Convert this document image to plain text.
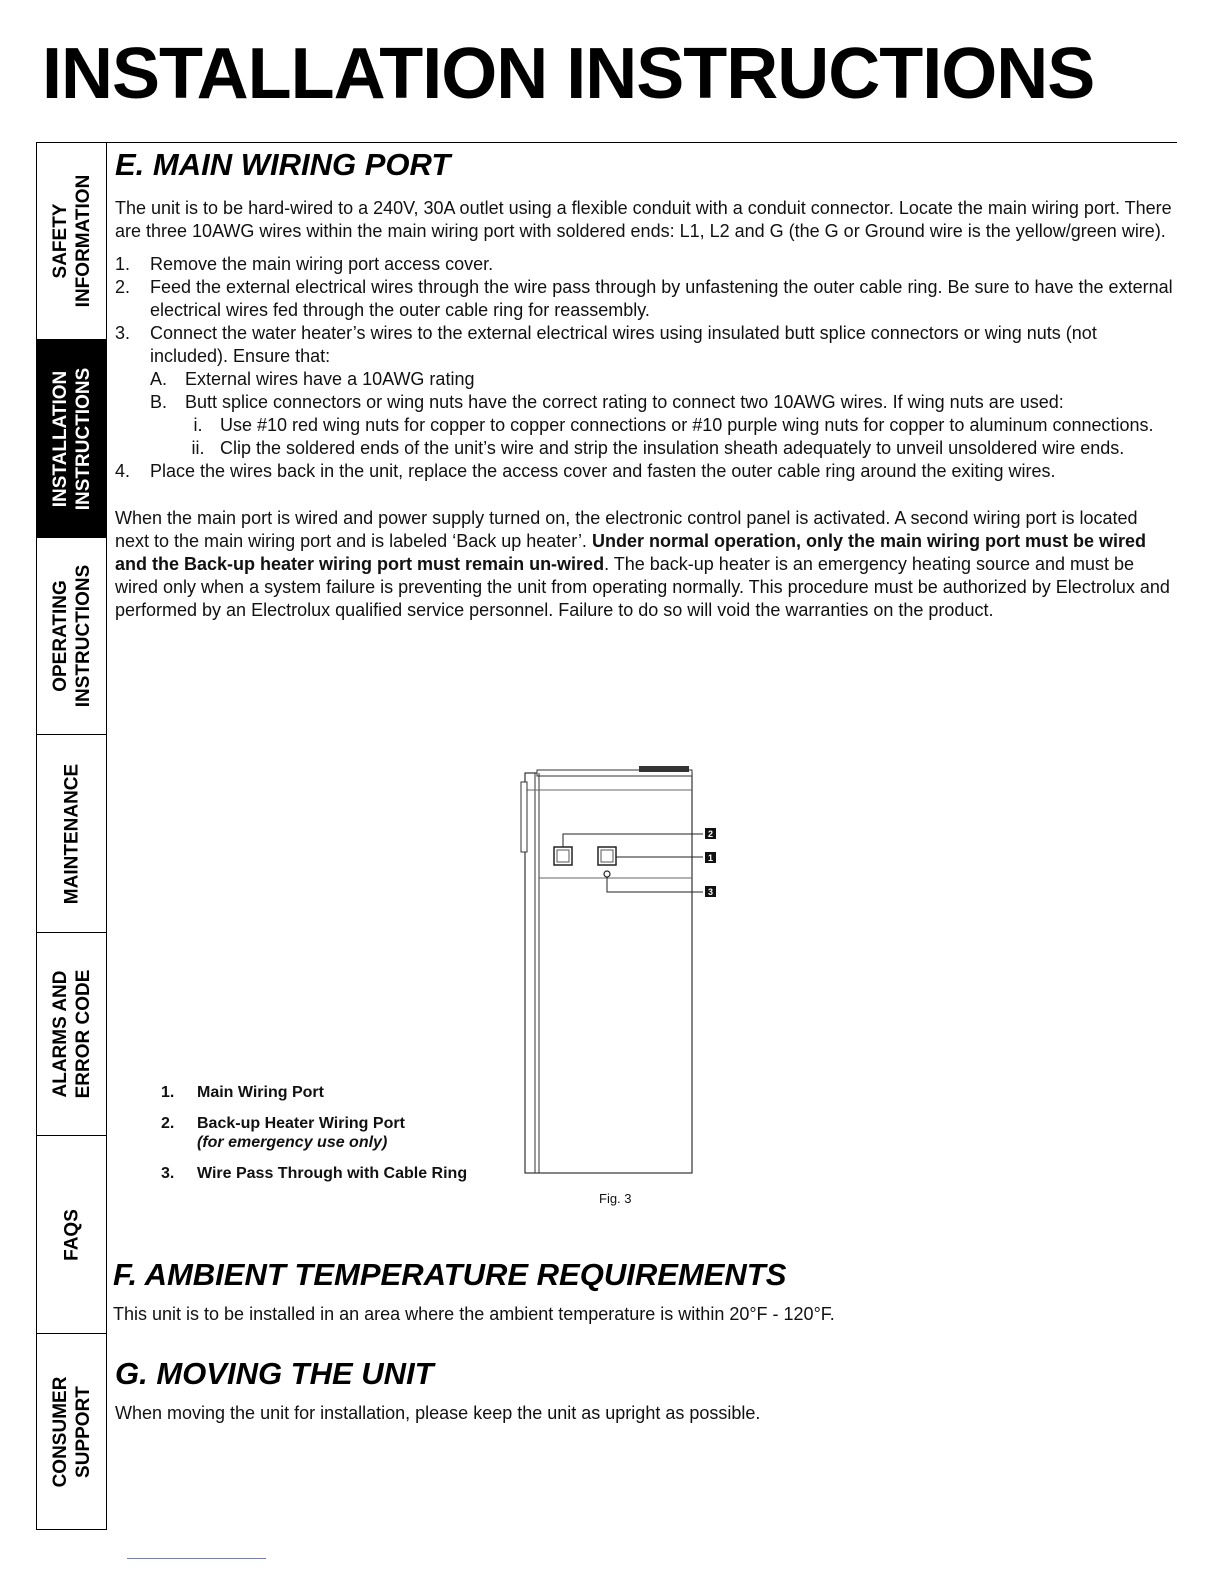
INSTALLATION INSTRUCTIONS
SAFETY
INFORMATION
INSTALLATION
INSTRUCTIONS
OPERATING
INSTRUCTIONS
MAINTENANCE
ALARMS AND
ERROR CODE
FAQS
CONSUMER
SUPPORT
E. MAIN WIRING PORT

The unit is to be hard-wired to a 240V, 30A outlet using a flexible conduit with a conduit connector. Locate the main wiring port. There are three 10AWG wires within the main wiring port with soldered ends: L1, L2 and G (the G or Ground wire is the yellow/green wire).

1. Remove the main wiring port access cover.
2. Feed the external electrical wires through the wire pass through by unfastening the outer cable ring. Be sure to have the external electrical wires fed through the outer cable ring for reassembly.
3. Connect the water heater’s wires to the external electrical wires using insulated butt splice connectors or wing nuts (not included). Ensure that:
A. External wires have a 10AWG rating
B. Butt splice connectors or wing nuts have the correct rating to connect two 10AWG wires. If wing nuts are used:
i. Use #10 red wing nuts for copper to copper connections or #10 purple wing nuts for copper to aluminum connections.
ii. Clip the soldered ends of the unit’s wire and strip the insulation sheath adequately to unveil unsoldered wire ends.
4. Place the wires back in the unit, replace the access cover and fasten the outer cable ring around the exiting wires.

When the main port is wired and power supply turned on, the electronic control panel is activated. A second wiring port is located next to the main wiring port and is labeled ‘Back up heater’. Under normal operation, only the main wiring port must be wired and the Back-up heater wiring port must remain un-wired. The back-up heater is an emergency heating source and must be wired only when a system failure is preventing the unit from operating normally. This procedure must be authorized by Electrolux and performed by an Electrolux qualified service personnel. Failure to do so will void the warranties on the product.

2
1
3
1. Main Wiring Port
2. Back-up Heater Wiring Port
(for emergency use only)
3. Wire Pass Through with Cable Ring
Fig. 3
F. AMBIENT TEMPERATURE REQUIREMENTS

This unit is to be installed in an area where the ambient temperature is within 20°F - 120°F.

G. MOVING THE UNIT

When moving the unit for installation, please keep the unit as upright as possible.
